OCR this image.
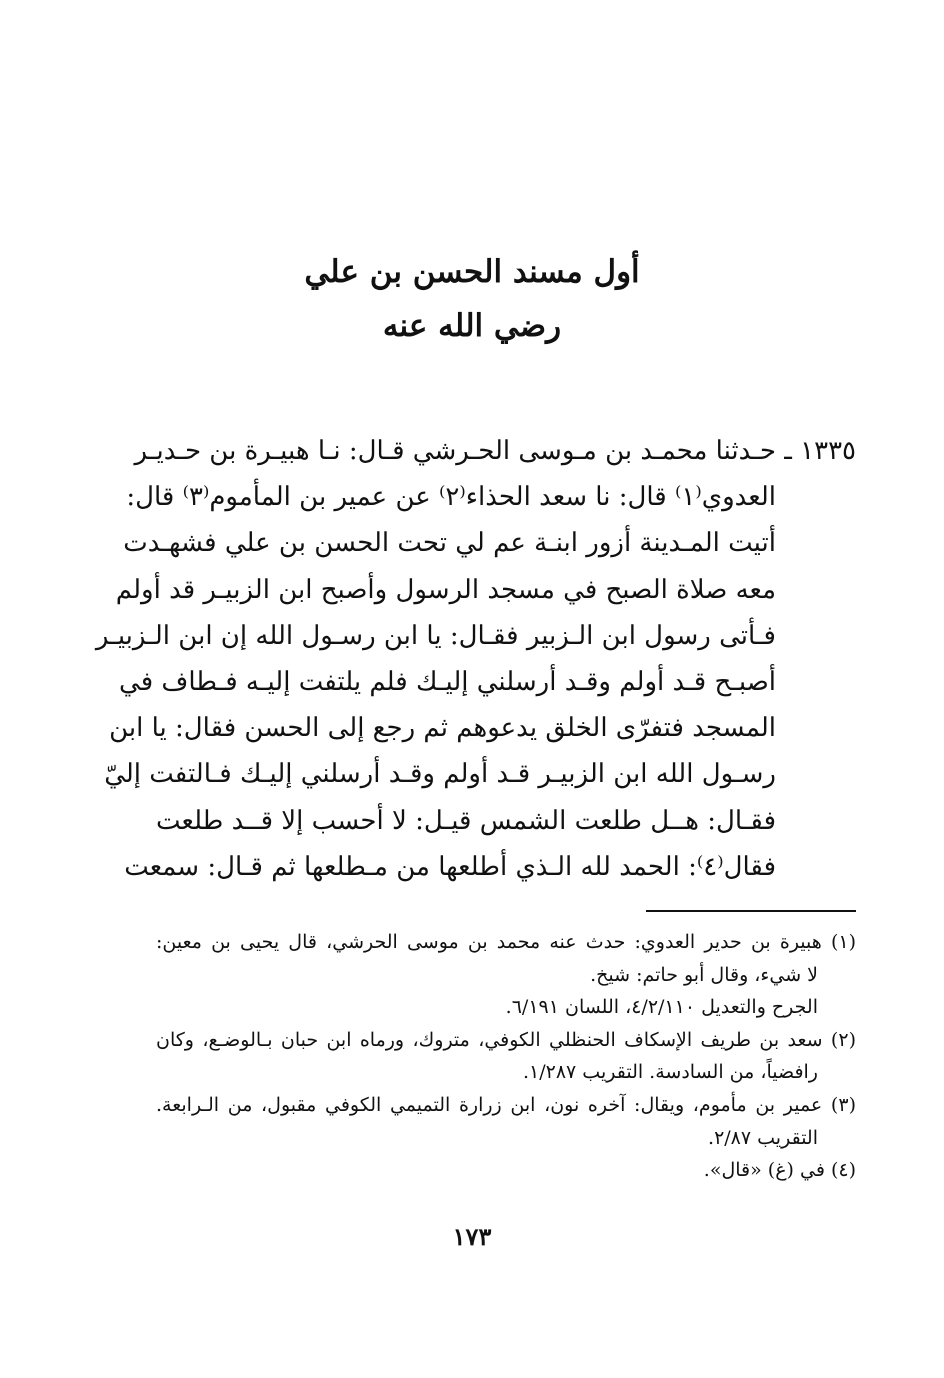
أول مسند الحسن بن علي
رضي الله عنه
١٣٣٥ ـ حـدثنا محمـد بن مـوسى الحـرشي قـال: نـا هبيـرة بن حـديـر
العدوي⁽١⁾ قال: نا سعد الحذاء⁽٢⁾ عن عمير بن المأموم⁽٣⁾ قال:
أتيت المـدينة أزور ابنـة عم لي تحت الحسن بن علي فشهـدت
معه صلاة الصبح في مسجد الرسول وأصبح ابن الزبيـر قد أولم
فـأتى رسول ابن الـزبير فقـال: يا ابن رسـول الله إن ابن الـزبيـر
أصبـح قـد أولم وقـد أرسلني إليـك فلم يلتفت إليـه فـطاف في
المسجد فتفرّى الخلق يدعوهم ثم رجع إلى الحسن فقال: يا ابن
رسـول الله ابن الزبيـر قـد أولم وقـد أرسلني إليـك فـالتفت إليّ
فقـال: هــل طلعت الشمس قيـل: لا أحسب إلا قــد طلعت
فقال⁽٤⁾: الحمد لله الـذي أطلعها من مـطلعها ثم قـال: سمعت
(١) هبيرة بن حدير العدوي: حدث عنه محمد بن موسى الحرشي، قال يحيى بن معين:
لا شيء، وقال أبو حاتم: شيخ.
الجرح والتعديل ٤/٢/١١٠، اللسان ٦/١٩١.
(٢) سعد بن طريف الإسكاف الحنظلي الكوفي، متروك، ورماه ابن حبان بـالوضـع، وكان
رافضياً، من السادسة. التقريب ١/٢٨٧.
(٣) عمير بن مأموم، ويقال: آخره نون، ابن زرارة التميمي الكوفي مقبول، من الـرابعة.
التقريب ٢/٨٧.
(٤) في (غ) «قال».
١٧٣
